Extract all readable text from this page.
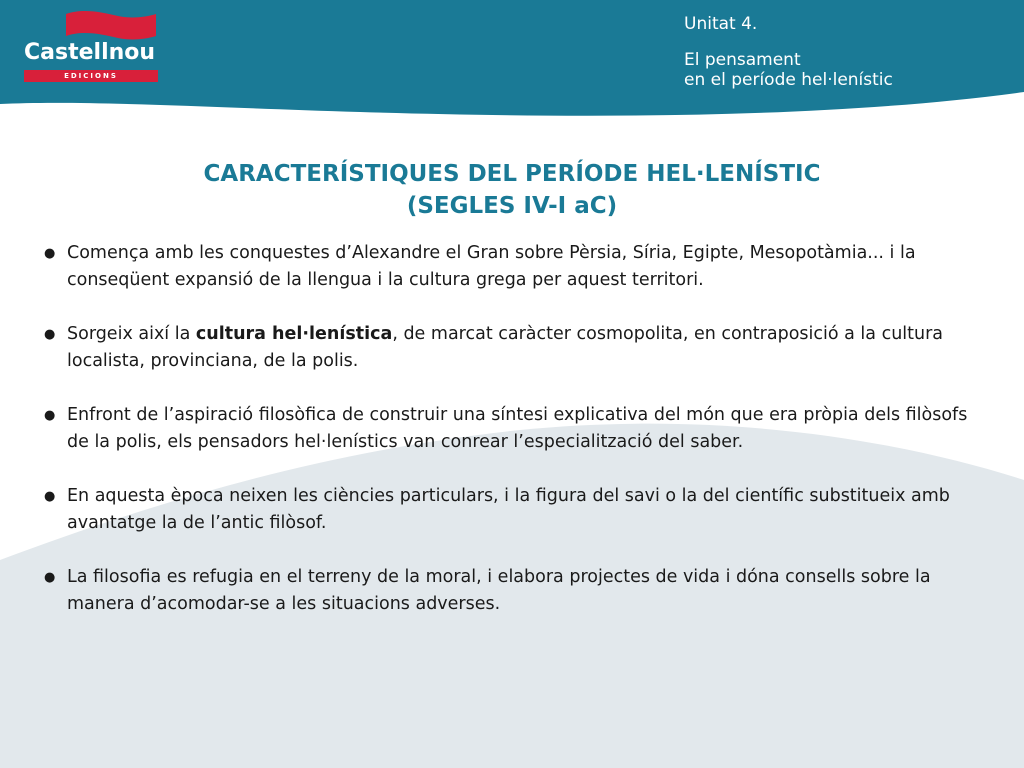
Castellnou
EDICIONS
Unitat 4.
El pensament
en el període hel·lenístic
CARACTERÍSTIQUES DEL PERÍODE HEL·LENÍSTIC
(SEGLES IV-I aC)
● Comença amb les conquestes d’Alexandre el Gran sobre Pèrsia, Síria, Egipte, Mesopotàmia... i la conseqüent expansió de la llengua i la cultura grega per aquest territori.
● Sorgeix així la cultura hel·lenística, de marcat caràcter cosmopolita, en contraposició a la cultura localista, provinciana, de la polis.
● Enfront de l’aspiració filosòfica de construir una síntesi explicativa del món que era pròpia dels filòsofs de la polis, els pensadors hel·lenístics van conrear l’especialització del saber.
● En aquesta època neixen les ciències particulars, i la figura del savi o la del científic substitueix amb avantatge la de l’antic filòsof.
● La filosofia es refugia en el terreny de la moral, i elabora projectes de vida i dóna consells sobre la manera d’acomodar-se a les situacions adverses.
